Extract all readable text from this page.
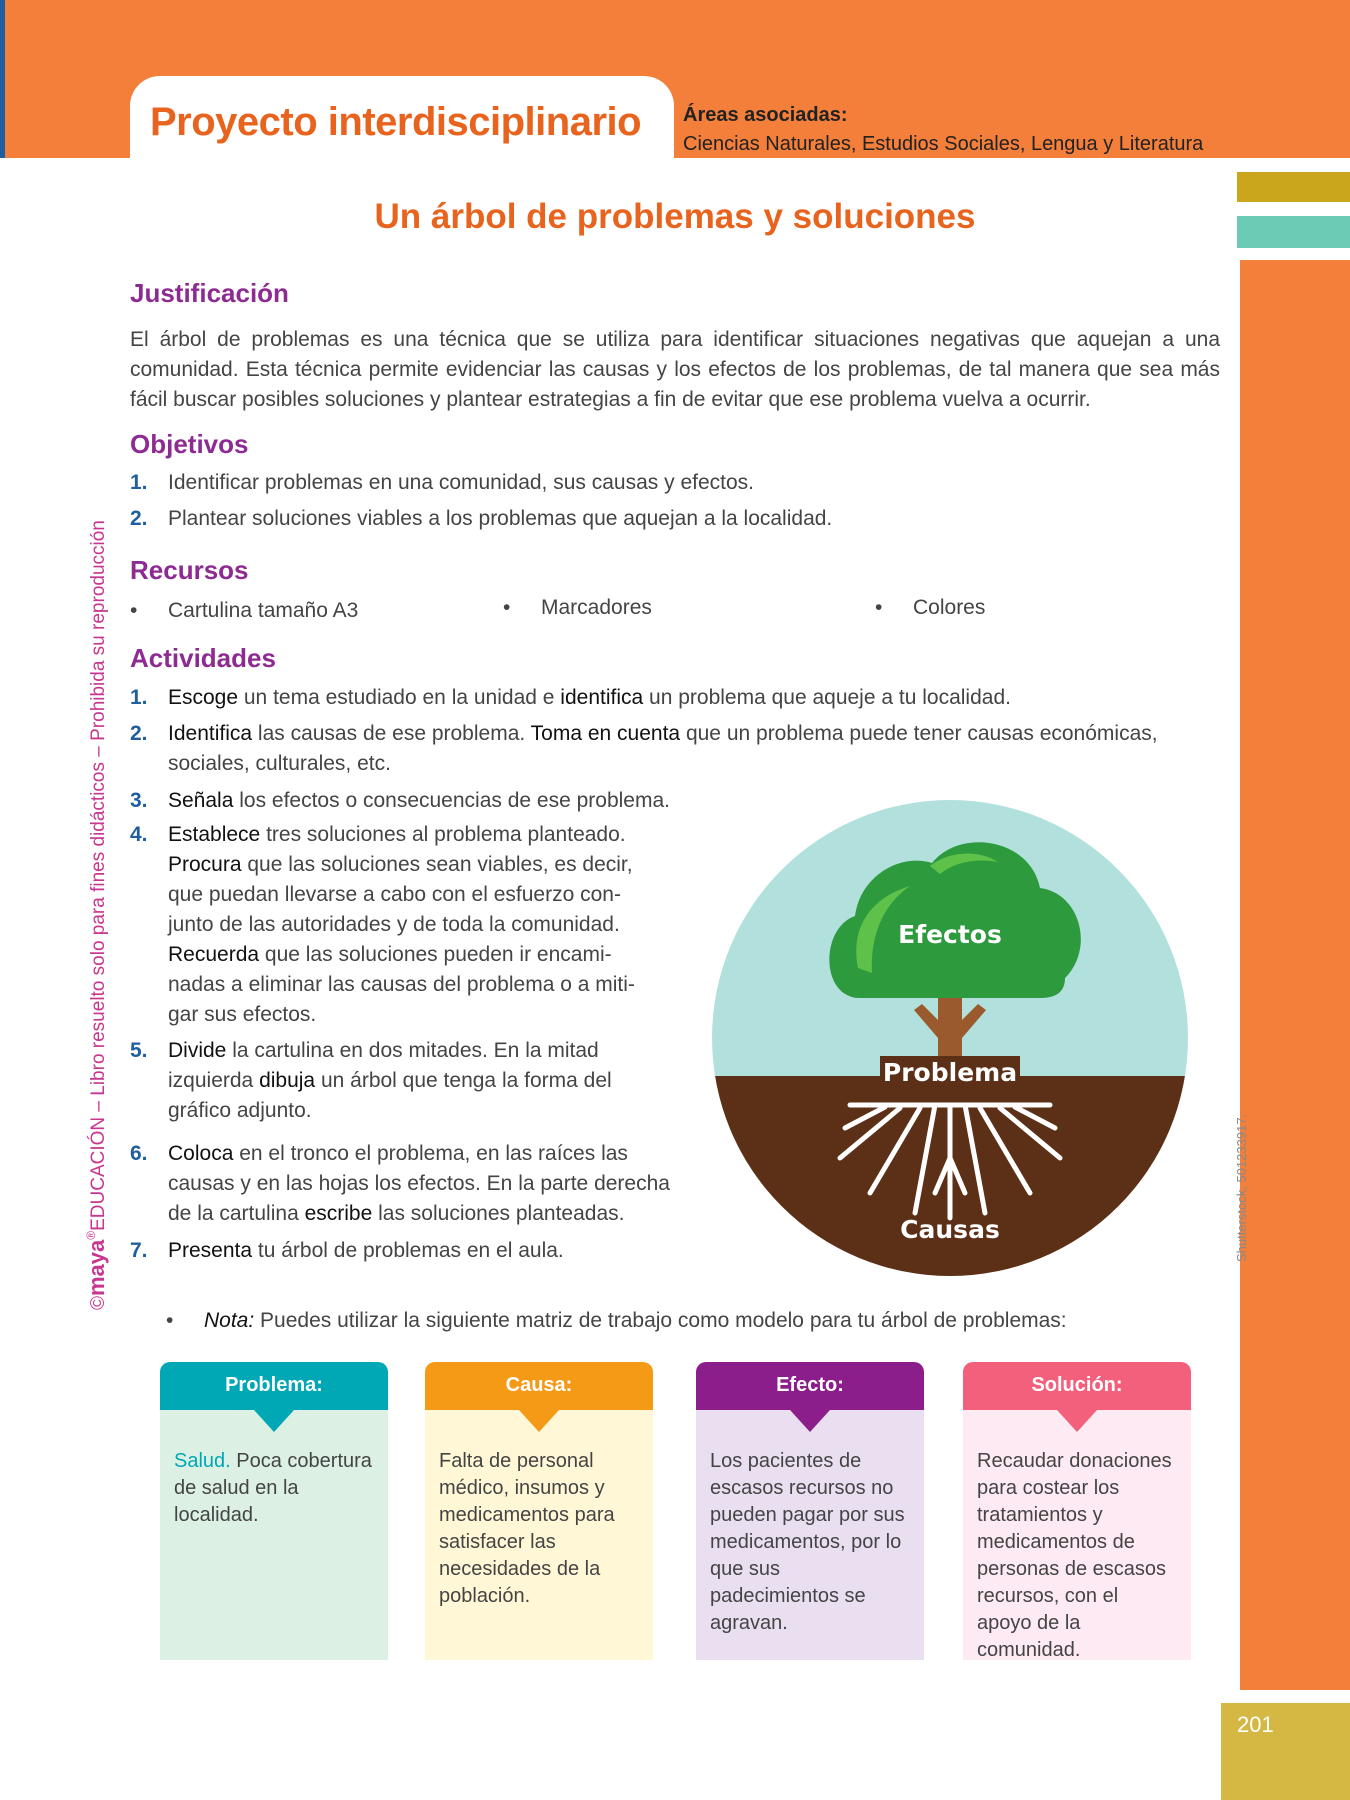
Proyecto interdisciplinario Áreas asociadas:
Ciencias Naturales, Estudios Sociales, Lengua y Literatura
201
©maya®EDUCACIÓN – Libro resuelto solo para fines didácticos – Prohibida su reproducción	Shutterstock, 501233917.
Un árbol de problemas y soluciones
Justificación
El árbol de problemas es una técnica que se utiliza para identificar situaciones negativas que aquejan a una comunidad. Esta técnica permite evidenciar las causas y los efectos de los problemas, de tal manera que sea más fácil buscar posibles soluciones y plantear estrategias a fin de evitar que ese problema vuelva a ocurrir.
Objetivos
1. Identificar problemas en una comunidad, sus causas y efectos.
2. Plantear soluciones viables a los problemas que aquejan a la localidad.
Recursos
• Cartulina tamaño A3	• Marcadores	• Colores
Actividades
1. Escoge un tema estudiado en la unidad e identifica un problema que aqueje a tu localidad.
2. Identifica las causas de ese problema. Toma en cuenta que un problema puede tener causas económicas,
sociales, culturales, etc.
3. Señala los efectos o consecuencias de ese problema.
4. Establece tres soluciones al problema planteado.
Procura que las soluciones sean viables, es decir,
que puedan llevarse a cabo con el esfuerzo con-
junto de las autoridades y de toda la comunidad.
Recuerda que las soluciones pueden ir encami-
nadas a eliminar las causas del problema o a miti-
gar sus efectos.
5. Divide la cartulina en dos mitades. En la mitad
izquierda dibuja un árbol que tenga la forma del
gráfico adjunto.
6. Coloca en el tronco el problema, en las raíces las
causas y en las hojas los efectos. En la parte derecha
de la cartulina escribe las soluciones planteadas.
7. Presenta tu árbol de problemas en el aula.
Efectos
Problema
Causas
• Nota: Puedes utilizar la siguiente matriz de trabajo como modelo para tu árbol de problemas:
Problema:
Salud. Poca cobertura de salud en la localidad.
Causa:
Falta de personal médico, insumos y medicamentos para satisfacer las necesidades de la población.
Efecto:
Los pacientes de escasos recursos no pueden pagar por sus medicamentos, por lo que sus padecimientos se agravan.
Solución:
Recaudar donaciones para costear los tratamientos y medicamentos de personas de escasos recursos, con el apoyo de la comunidad.
